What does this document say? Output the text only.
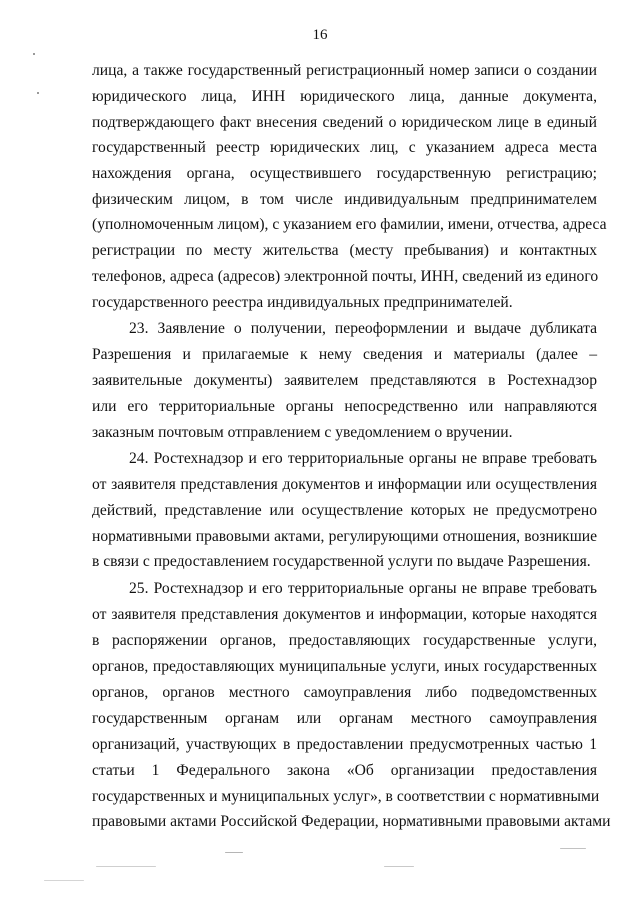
16
лица, а также государственный регистрационный номер записи о создании
юридического лица, ИНН юридического лица, данные документа,
подтверждающего факт внесения сведений о юридическом лице в единый
государственный реестр юридических лиц, с указанием адреса места
нахождения органа, осуществившего государственную регистрацию;
физическим лицом, в том числе индивидуальным предпринимателем
(уполномоченным лицом), с указанием его фамилии, имени, отчества, адреса
регистрации по месту жительства (месту пребывания) и контактных
телефонов, адреса (адресов) электронной почты, ИНН, сведений из единого
государственного реестра индивидуальных предпринимателей.
23. Заявление о получении, переоформлении и выдаче дубликата
Разрешения и прилагаемые к нему сведения и материалы (далее –
заявительные документы) заявителем представляются в Ростехнадзор
или его территориальные органы непосредственно или направляются
заказным почтовым отправлением с уведомлением о вручении.
24. Ростехнадзор и его территориальные органы не вправе требовать
от заявителя представления документов и информации или осуществления
действий, представление или осуществление которых не предусмотрено
нормативными правовыми актами, регулирующими отношения, возникшие
в связи с предоставлением государственной услуги по выдаче Разрешения.
25. Ростехнадзор и его территориальные органы не вправе требовать
от заявителя представления документов и информации, которые находятся
в распоряжении органов, предоставляющих государственные услуги,
органов, предоставляющих муниципальные услуги, иных государственных
органов, органов местного самоуправления либо подведомственных
государственным органам или органам местного самоуправления
организаций, участвующих в предоставлении предусмотренных частью 1
статьи 1 Федерального закона «Об организации предоставления
государственных и муниципальных услуг», в соответствии с нормативными
правовыми актами Российской Федерации, нормативными правовыми актами
